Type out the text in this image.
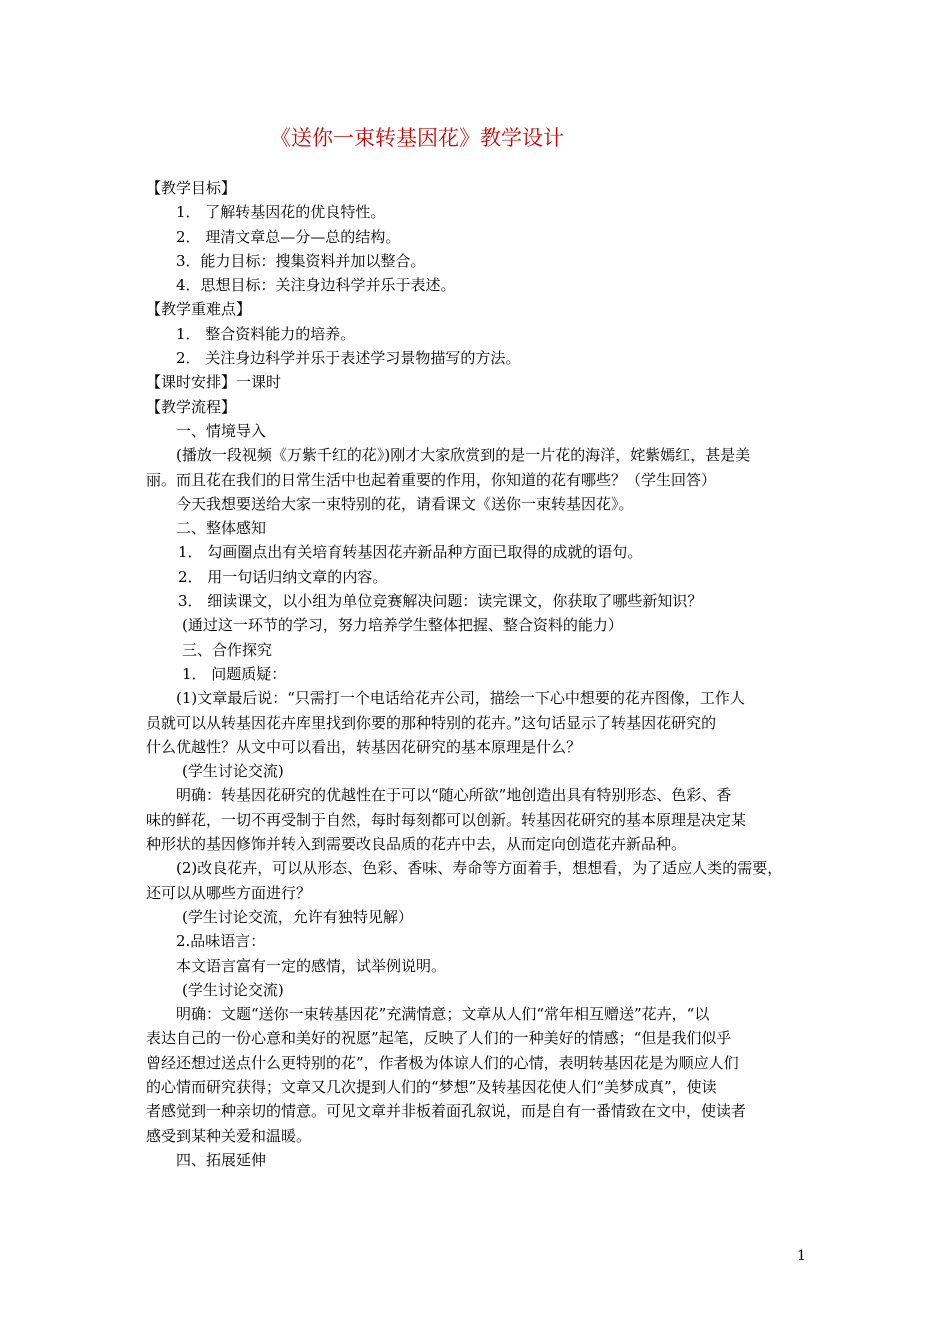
《送你一束转基因花》教学设计
【教学目标】
1． 了解转基因花的优良特性。
2． 理清文章总—分—总的结构。
3．能力目标：搜集资料并加以整合。
4．思想目标：关注身边科学并乐于表述。
【教学重难点】
1． 整合资料能力的培养。
2． 关注身边科学并乐于表述学习景物描写的方法。
【课时安排】一课时
【教学流程】
一、情境导入
(播放一段视频《万紫千红的花》)刚才大家欣赏到的是一片花的海洋，姹紫嫣红，甚是美
丽。而且花在我们的日常生活中也起着重要的作用，你知道的花有哪些？（学生回答）
今天我想要送给大家一束特别的花，请看课文《送你一束转基因花》。
二、整体感知
1． 勾画圈点出有关培育转基因花卉新品种方面已取得的成就的语句。
2． 用一句话归纳文章的内容。
3． 细读课文，以小组为单位竞赛解决问题：读完课文，你获取了哪些新知识？
(通过这一环节的学习，努力培养学生整体把握、整合资料的能力）
三、合作探究
1． 问题质疑：
(1)文章最后说：“只需打一个电话给花卉公司，描绘一下心中想要的花卉图像，工作人
员就可以从转基因花卉库里找到你要的那种特别的花卉。”这句话显示了转基因花研究的
什么优越性？从文中可以看出，转基因花研究的基本原理是什么？
(学生讨论交流)
明确：转基因花研究的优越性在于可以“随心所欲”地创造出具有特别形态、色彩、香
味的鲜花，一切不再受制于自然，每时每刻都可以创新。转基因花研究的基本原理是决定某
种形状的基因修饰并转入到需要改良品质的花卉中去，从而定向创造花卉新品种。
(2)改良花卉，可以从形态、色彩、香味、寿命等方面着手，想想看，为了适应人类的需要，
还可以从哪些方面进行？
(学生讨论交流，允许有独特见解）
2.品味语言：
本文语言富有一定的感情，试举例说明。
(学生讨论交流)
明确：文题“送你一束转基因花”充满情意；文章从人们“常年相互赠送”花卉，“以
表达自己的一份心意和美好的祝愿”起笔，反映了人们的一种美好的情感；“但是我们似乎
曾经还想过送点什么更特别的花”，作者极为体谅人们的心情，表明转基因花是为顺应人们
的心情而研究获得；文章又几次提到人们的“梦想”及转基因花使人们“美梦成真”，使读
者感觉到一种亲切的情意。可见文章并非板着面孔叙说，而是自有一番情致在文中，使读者
感受到某种关爱和温暖。
四、拓展延伸
1
